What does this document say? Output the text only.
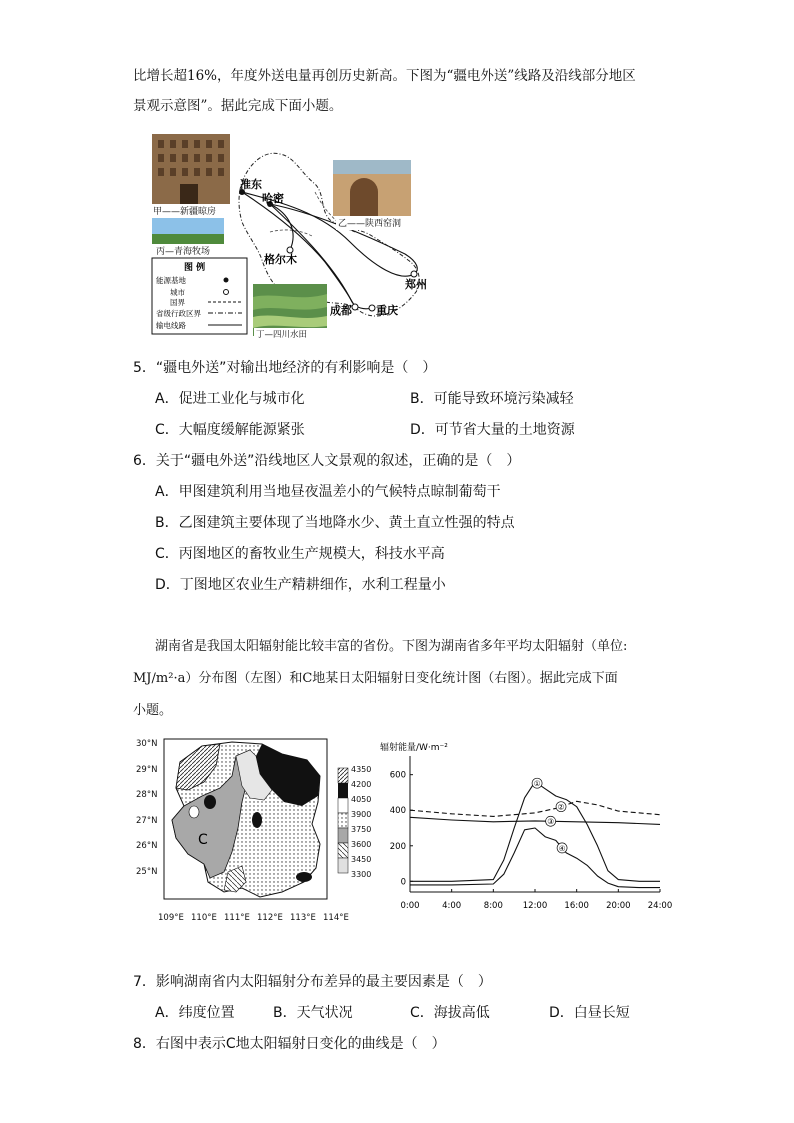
比增长超16%，年度外送电量再创历史新高。下图为“疆电外送”线路及沿线部分地区
景观示意图”。据此完成下面小题。
甲——新疆晾房
丙—青海牧场
图 例
能源基地
城市
国界
省级行政区界
输电线路
准东
哈密
格尔木
郑州
成都 重庆
乙——陕西窑洞
丁—四川水田
5．“疆电外送”对输出地经济的有利影响是（　）
A．促进工业化与城市化	B．可能导致环境污染减轻
C．大幅度缓解能源紧张	D．可节省大量的土地资源
6．关于“疆电外送”沿线地区人文景观的叙述，正确的是（　）
A．甲图建筑利用当地昼夜温差小的气候特点晾制葡萄干
B．乙图建筑主要体现了当地降水少、黄土直立性强的特点
C．丙图地区的畜牧业生产规模大，科技水平高
D．丁图地区农业生产精耕细作，水利工程量小
湖南省是我国太阳辐射能比较丰富的省份。下图为湖南省多年平均太阳辐射（单位:
MJ/m²·a）分布图（左图）和C地某日太阳辐射日变化统计图（右图）。据此完成下面
小题。
30°N
29°N
28°N
27°N
26°N
25°N
109°E 110°E 111°E 112°E 113°E 114°E
C
4350
4200
4050
3900
3750
3600
3450
3300
辐射能量/W·m⁻²
0
200
400
600
0:00	4:00	8:00 12:00 16:00 20:00 24:00
①
②
③
④
7．影响湖南省内太阳辐射分布差异的最主要因素是（　）
A．纬度位置	B．天气状况	C．海拔高低	D．白昼长短
8．右图中表示C地太阳辐射日变化的曲线是（　）
